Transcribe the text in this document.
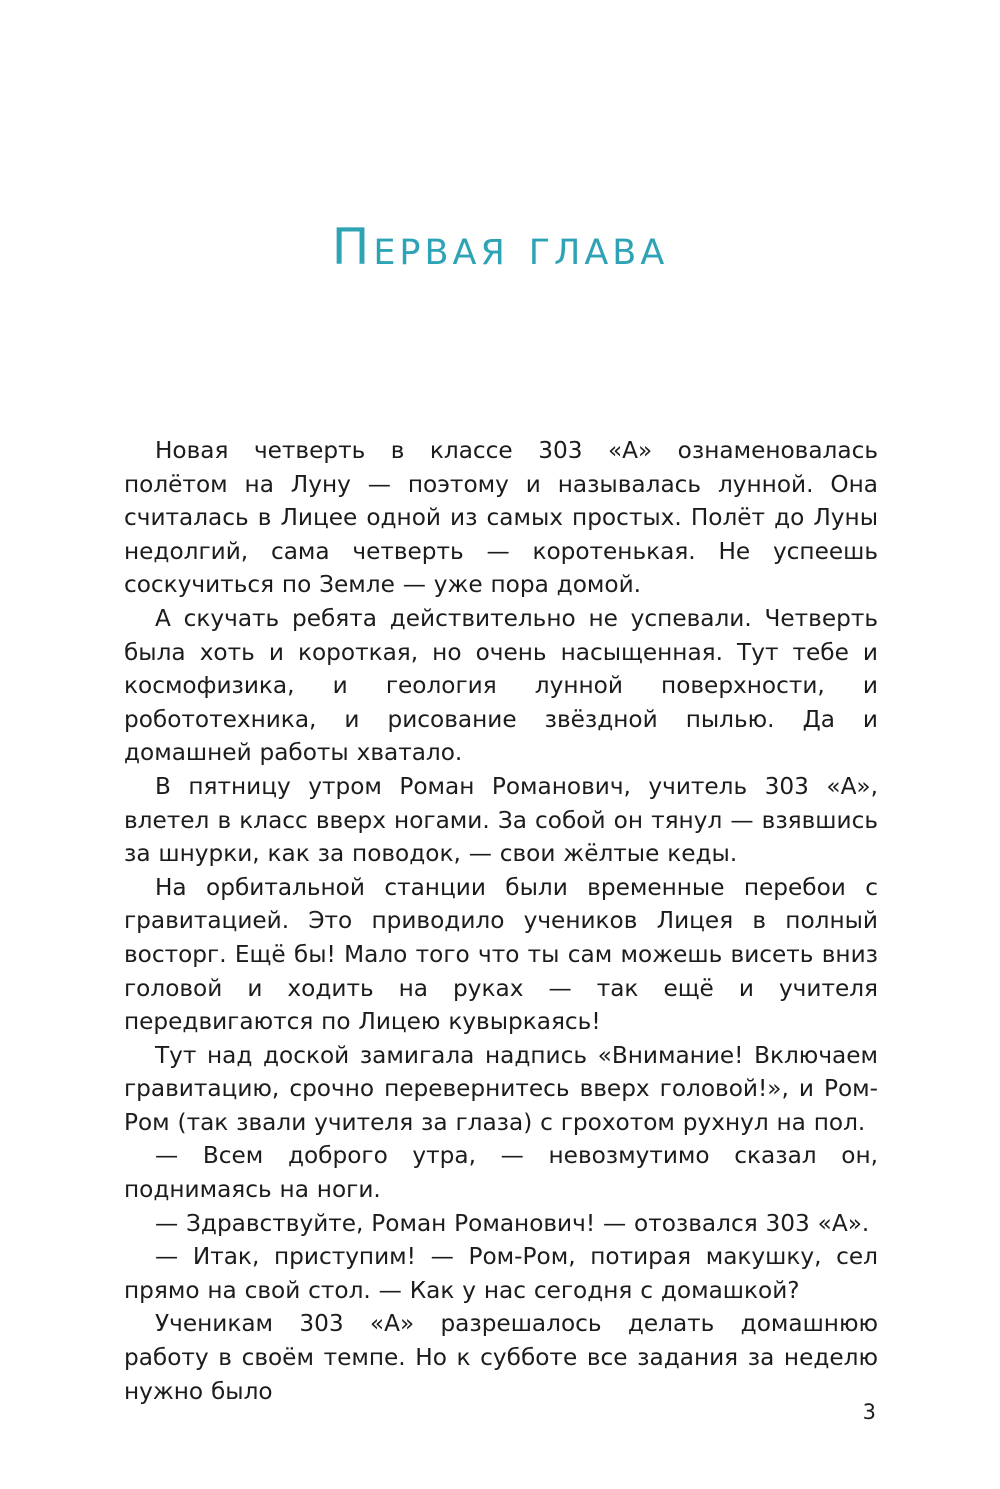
Первая глава

Новая четверть в классе 303 «А» ознаменовалась полётом на Луну — поэтому и называлась лунной. Она считалась в Лицее одной из самых простых. Полёт до Луны недолгий, сама четверть — коротенькая. Не успеешь соскучиться по Земле — уже пора домой.

А скучать ребята действительно не успевали. Четверть была хоть и короткая, но очень насыщенная. Тут тебе и космофизика, и геология лунной поверхности, и робототехника, и рисование звёздной пылью. Да и домашней работы хватало.

В пятницу утром Роман Романович, учитель 303 «А», влетел в класс вверх ногами. За собой он тянул — взявшись за шнурки, как за поводок, — свои жёлтые кеды.

На орбитальной станции были временные перебои с гравитацией. Это приводило учеников Лицея в полный восторг. Ещё бы! Мало того что ты сам можешь висеть вниз головой и ходить на руках — так ещё и учителя передвигаются по Лицею кувыркаясь!

Тут над доской замигала надпись «Внимание! Включаем гравитацию, срочно перевернитесь вверх головой!», и Ром-Ром (так звали учителя за глаза) с грохотом рухнул на пол.

— Всем доброго утра, — невозмутимо сказал он, поднимаясь на ноги.

— Здравствуйте, Роман Романович! — отозвался 303 «А».

— Итак, приступим! — Ром-Ром, потирая макушку, сел прямо на свой стол. — Как у нас сегодня с домашкой?

Ученикам 303 «А» разрешалось делать домашнюю работу в своём темпе. Но к субботе все задания за неделю нужно было

3
